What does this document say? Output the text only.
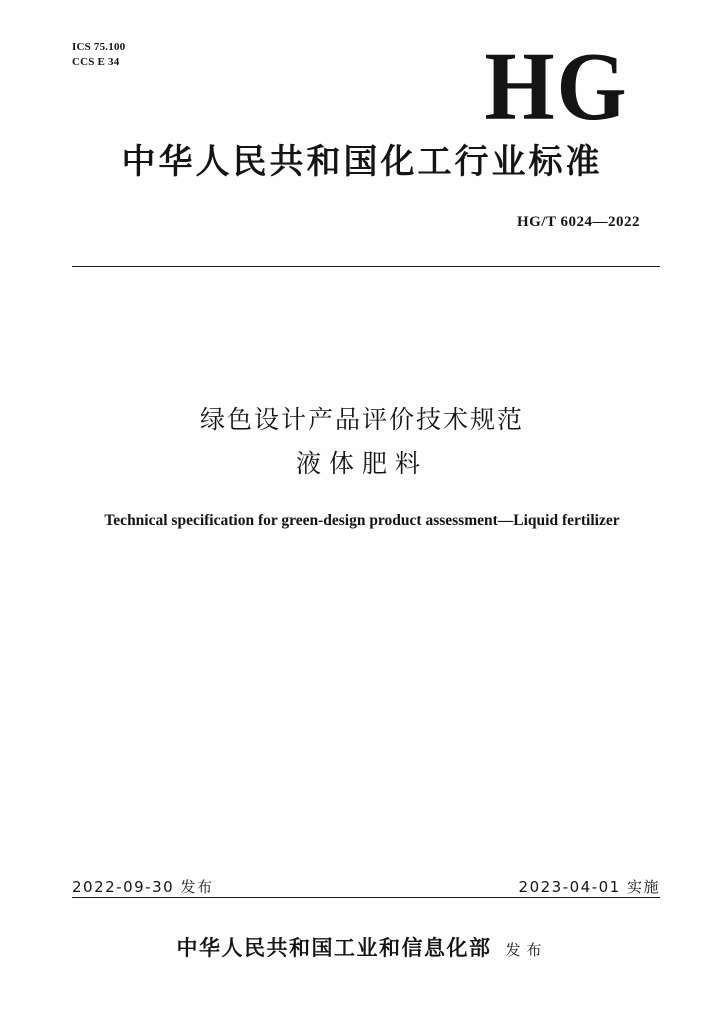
ICS 75.100
CCS E 34	HG
中华人民共和国化工行业标准
HG/T 6024—2022
绿色设计产品评价技术规范
液体肥料
Technical specification for green-design product assessment—Liquid fertilizer
2022-09-30 发布	2023-04-01 实施
中华人民共和国工业和信息化部 发布
